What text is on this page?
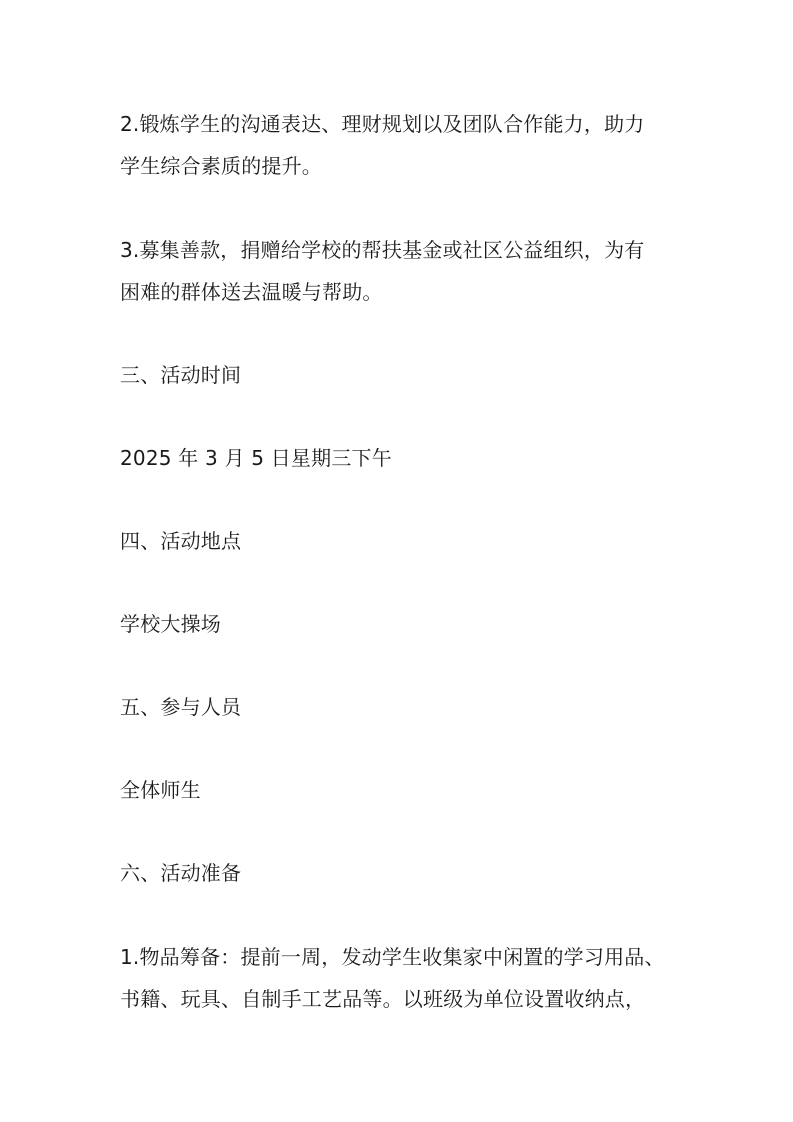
2.锻炼学生的沟通表达、理财规划以及团队合作能力，助力
学生综合素质的提升。
3.募集善款，捐赠给学校的帮扶基金或社区公益组织，为有
困难的群体送去温暖与帮助。
三、活动时间
2025 年 3 月 5 日星期三下午
四、活动地点
学校大操场
五、参与人员
全体师生
六、活动准备
1.物品筹备：提前一周，发动学生收集家中闲置的学习用品、
书籍、玩具、自制手工艺品等。以班级为单位设置收纳点，
